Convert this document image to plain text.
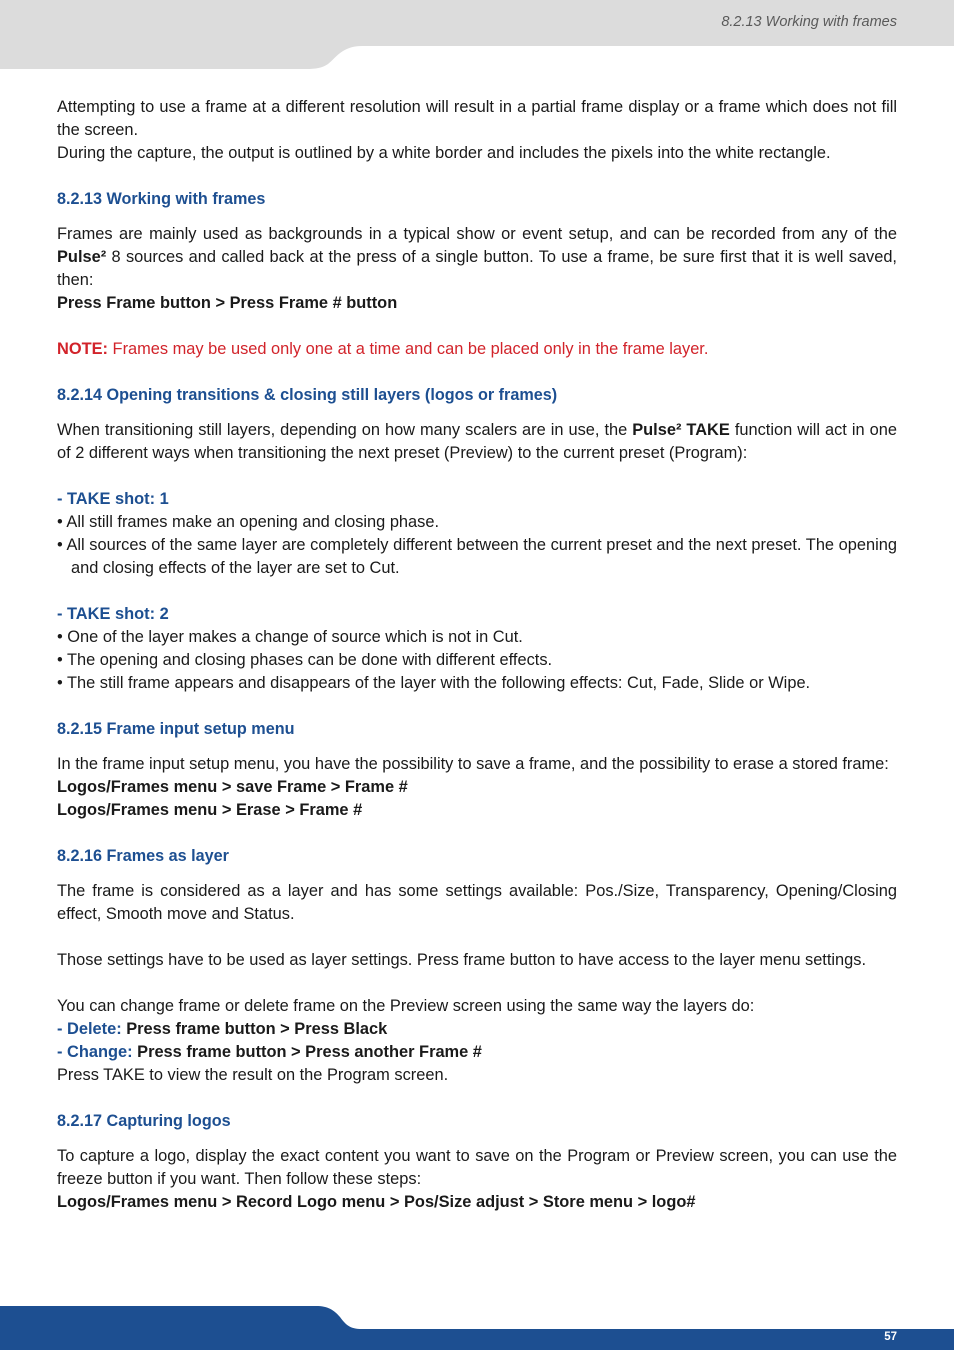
8.2.13 Working with frames

Attempting to use a frame at a different resolution will result in a partial frame display or a frame which does not fill the screen.

During the capture, the output is outlined by a white border and includes the pixels into the white rectangle.

8.2.13 Working with frames

Frames are mainly used as backgrounds in a typical show or event setup, and can be recorded from any of the Pulse² 8 sources and called back at the press of a single button. To use a frame, be sure first that it is well saved, then:

Press Frame button > Press Frame # button

NOTE: Frames may be used only one at a time and can be placed only in the frame layer.

8.2.14 Opening transitions & closing still layers (logos or frames)

When transitioning still layers, depending on how many scalers are in use, the Pulse² TAKE function will act in one of 2 different ways when transitioning the next preset (Preview) to the current preset (Program):

- TAKE shot: 1

• All still frames make an opening and closing phase.

• All sources of the same layer are completely different between the current preset and the next preset. The opening and closing effects of the layer are set to Cut.

- TAKE shot: 2

• One of the layer makes a change of source which is not in Cut.

• The opening and closing phases can be done with different effects.

• The still frame appears and disappears of the layer with the following effects: Cut, Fade, Slide or Wipe.

8.2.15 Frame input setup menu

In the frame input setup menu, you have the possibility to save a frame, and the possibility to erase a stored frame:

Logos/Frames menu > save Frame > Frame #

Logos/Frames menu > Erase > Frame #

8.2.16 Frames as layer

The frame is considered as a layer and has some settings available: Pos./Size, Transparency, Opening/Closing effect, Smooth move and Status.

Those settings have to be used as layer settings. Press frame button to have access to the layer menu settings.

You can change frame or delete frame on the Preview screen using the same way the layers do:

- Delete: Press frame button > Press Black

- Change: Press frame button > Press another Frame #

Press TAKE to view the result on the Program screen.

8.2.17 Capturing logos

To capture a logo, display the exact content you want to save on the Program or Preview screen, you can use the freeze button if you want. Then follow these steps:

Logos/Frames menu > Record Logo menu > Pos/Size adjust > Store menu > logo#

57
